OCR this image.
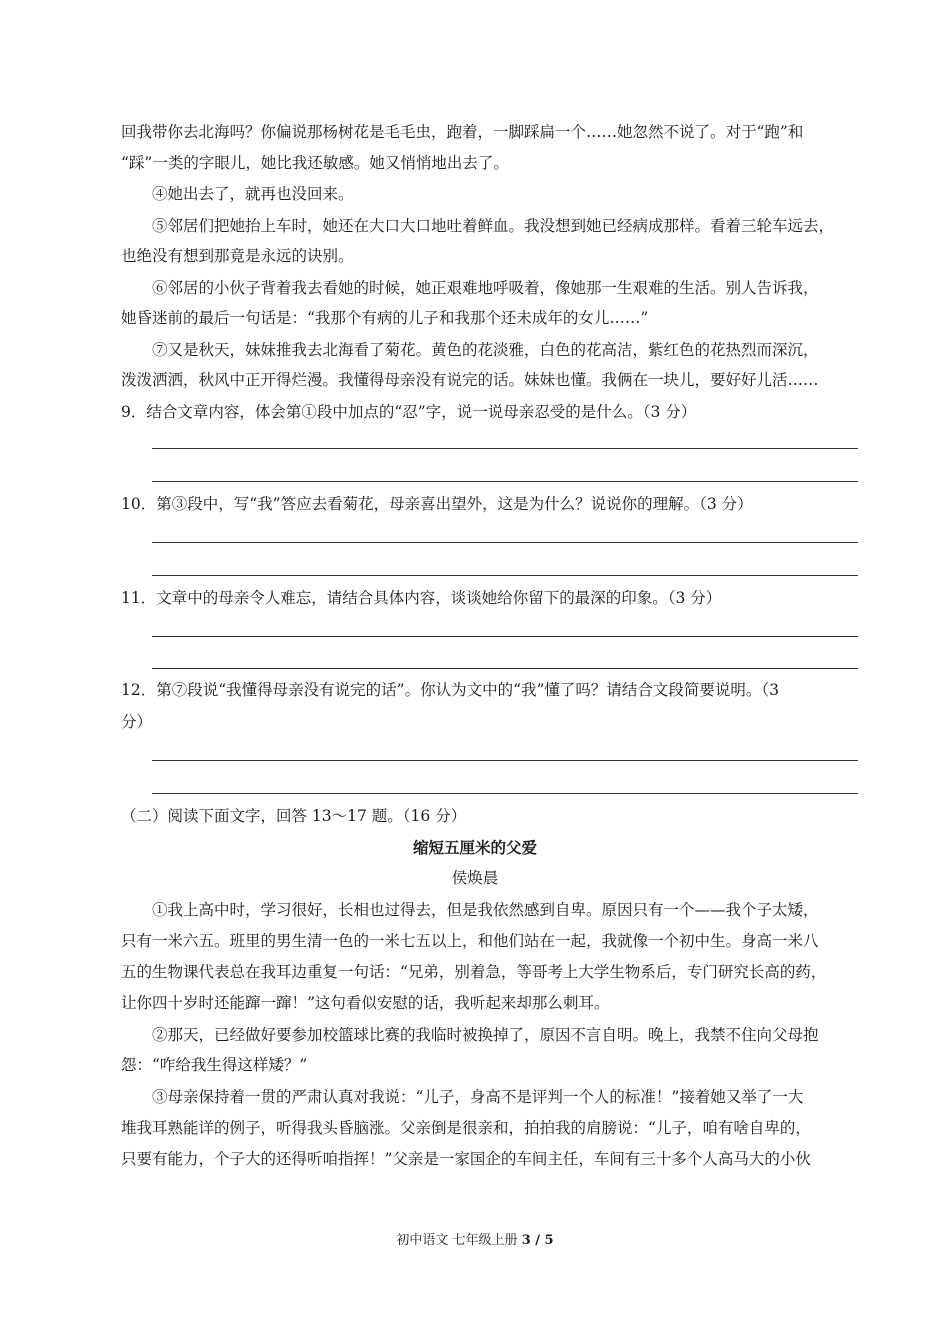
回我带你去北海吗？你偏说那杨树花是毛毛虫，跑着，一脚踩扁一个……她忽然不说了。对于“跑”和
“踩”一类的字眼儿，她比我还敏感。她又悄悄地出去了。
④她出去了，就再也没回来。
⑤邻居们把她抬上车时，她还在大口大口地吐着鲜血。我没想到她已经病成那样。看着三轮车远去，
也绝没有想到那竟是永远的诀别。
⑥邻居的小伙子背着我去看她的时候，她正艰难地呼吸着，像她那一生艰难的生活。别人告诉我，
她昏迷前的最后一句话是：“我那个有病的儿子和我那个还未成年的女儿……”
⑦又是秋天，妹妹推我去北海看了菊花。黄色的花淡雅，白色的花高洁，紫红色的花热烈而深沉，
泼泼洒洒，秋风中正开得烂漫。我懂得母亲没有说完的话。妹妹也懂。我俩在一块儿，要好好儿活……
9．结合文章内容，体会第①段中加点的“忍”字，说一说母亲忍受的是什么。（3 分）
10．第③段中，写“我”答应去看菊花，母亲喜出望外，这是为什么？说说你的理解。（3 分）
11．文章中的母亲令人难忘，请结合具体内容，谈谈她给你留下的最深的印象。（3 分）
12．第⑦段说“我懂得母亲没有说完的话”。你认为文中的“我”懂了吗？请结合文段简要说明。（3
分）
（二）阅读下面文字，回答 13～17 题。（16 分）
缩短五厘米的父爱
侯焕晨
①我上高中时，学习很好，长相也过得去，但是我依然感到自卑。原因只有一个——我个子太矮，
只有一米六五。班里的男生清一色的一米七五以上，和他们站在一起，我就像一个初中生。身高一米八
五的生物课代表总在我耳边重复一句话：“兄弟，别着急，等哥考上大学生物系后，专门研究长高的药，
让你四十岁时还能蹿一蹿！”这句看似安慰的话，我听起来却那么刺耳。
②那天，已经做好要参加校篮球比赛的我临时被换掉了，原因不言自明。晚上，我禁不住向父母抱
怨：“咋给我生得这样矮？”
③母亲保持着一贯的严肃认真对我说：“儿子，身高不是评判一个人的标准！”接着她又举了一大
堆我耳熟能详的例子，听得我头昏脑涨。父亲倒是很亲和，拍拍我的肩膀说：“儿子，咱有啥自卑的，
只要有能力，个子大的还得听咱指挥！”父亲是一家国企的车间主任，车间有三十多个人高马大的小伙
初中语文 七年级上册 3 / 5
